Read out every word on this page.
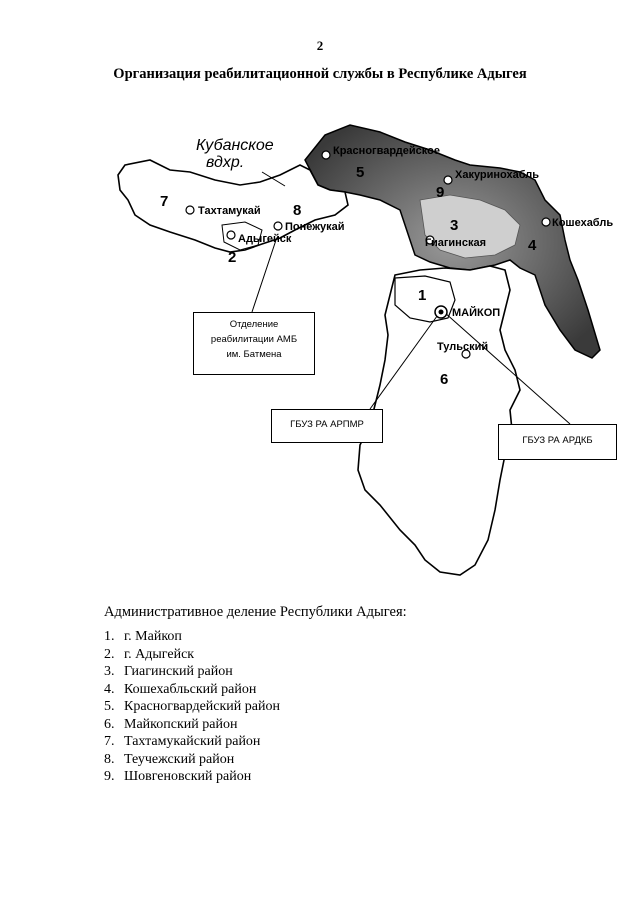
2
Организация реабилитационной службы в Республике Адыгея
Кубанское
вдхр.
Красногвардейское
Хакуринохабль
Тахтамукай
Понежукай
Адыгейск
Кошехабль
Гиагинская
МАЙКОП
Тульский
1
2
3
4
5
6
7
8
9
Отделение
реабилитации АМБ
им. Батмена
ГБУЗ РА АРПМР
ГБУЗ РА АРДКБ
Административное деление Республики Адыгея:
1. г. Майкоп
2. г. Адыгейск
3. Гиагинский район
4. Кошехабльский район
5. Красногвардейский район
6. Майкопский район
7. Тахтамукайский район
8. Теучежский район
9. Шовгеновский район
